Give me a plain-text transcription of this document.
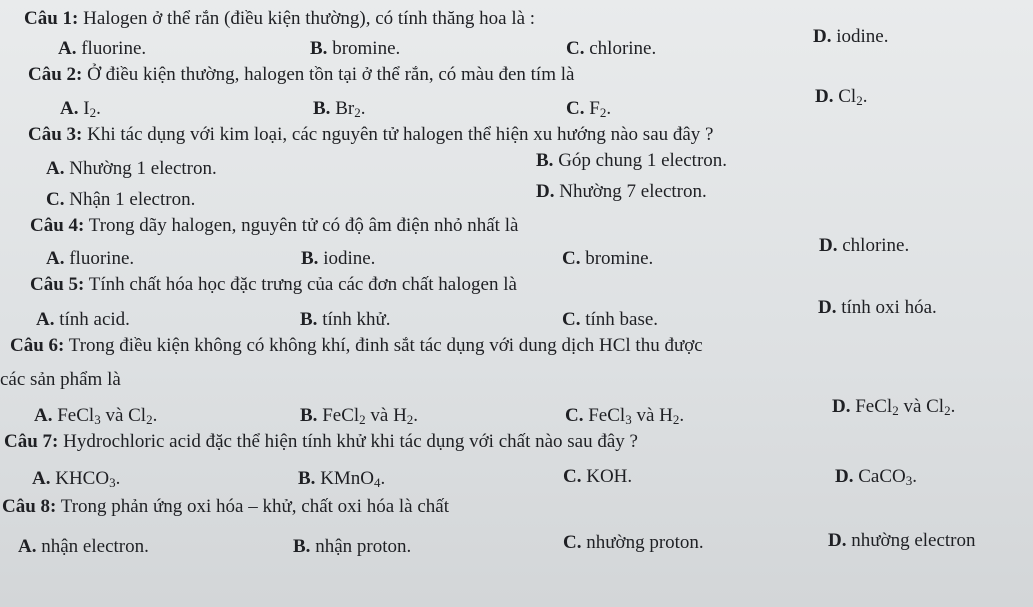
Câu 1: Halogen ở thể rắn (điều kiện thường), có tính thăng hoa là :
A. fluorine.	B. bromine.	C. chlorine.
D. iodine.
Câu 2: Ở điều kiện thường, halogen tồn tại ở thể rắn, có màu đen tím là
A. $I_2$.	B. $Br_2$.	C. $F_2$.
D. $Cl_2$.
Câu 3: Khi tác dụng với kim loại, các nguyên tử halogen thể hiện xu hướng nào sau đây ?
A. Nhường 1 electron.	B. Góp chung 1 electron.
C. Nhận 1 electron.	D. Nhường 7 electron.
Câu 4: Trong dãy halogen, nguyên tử có độ âm điện nhỏ nhất là
A. fluorine.	B. iodine.	C. bromine.
D. chlorine.
Câu 5: Tính chất hóa học đặc trưng của các đơn chất halogen là
A. tính acid.	B. tính khử.	C. tính base.
D. tính oxi hóa.
Câu 6: Trong điều kiện không có không khí, đinh sắt tác dụng với dung dịch HCl thu được
các sản phẩm là
A. FeCl$_3$ và $Cl_2$.	B. FeCl$_2$ và $H_2$.	C. FeCl$_3$ và $H_2$.	D. FeCl$_2$ và $Cl_2$.
Câu 7: Hydrochloric acid đặc thể hiện tính khử khi tác dụng với chất nào sau đây ?
A. $KHCO_3$.	B. KMnO$_4$.	C. KOH.	D. CaCO$_3$.
Câu 8: Trong phản ứng oxi hóa – khử, chất oxi hóa là chất
A. nhận electron.	B. nhận proton.	C. nhường proton.	D. nhường electron
